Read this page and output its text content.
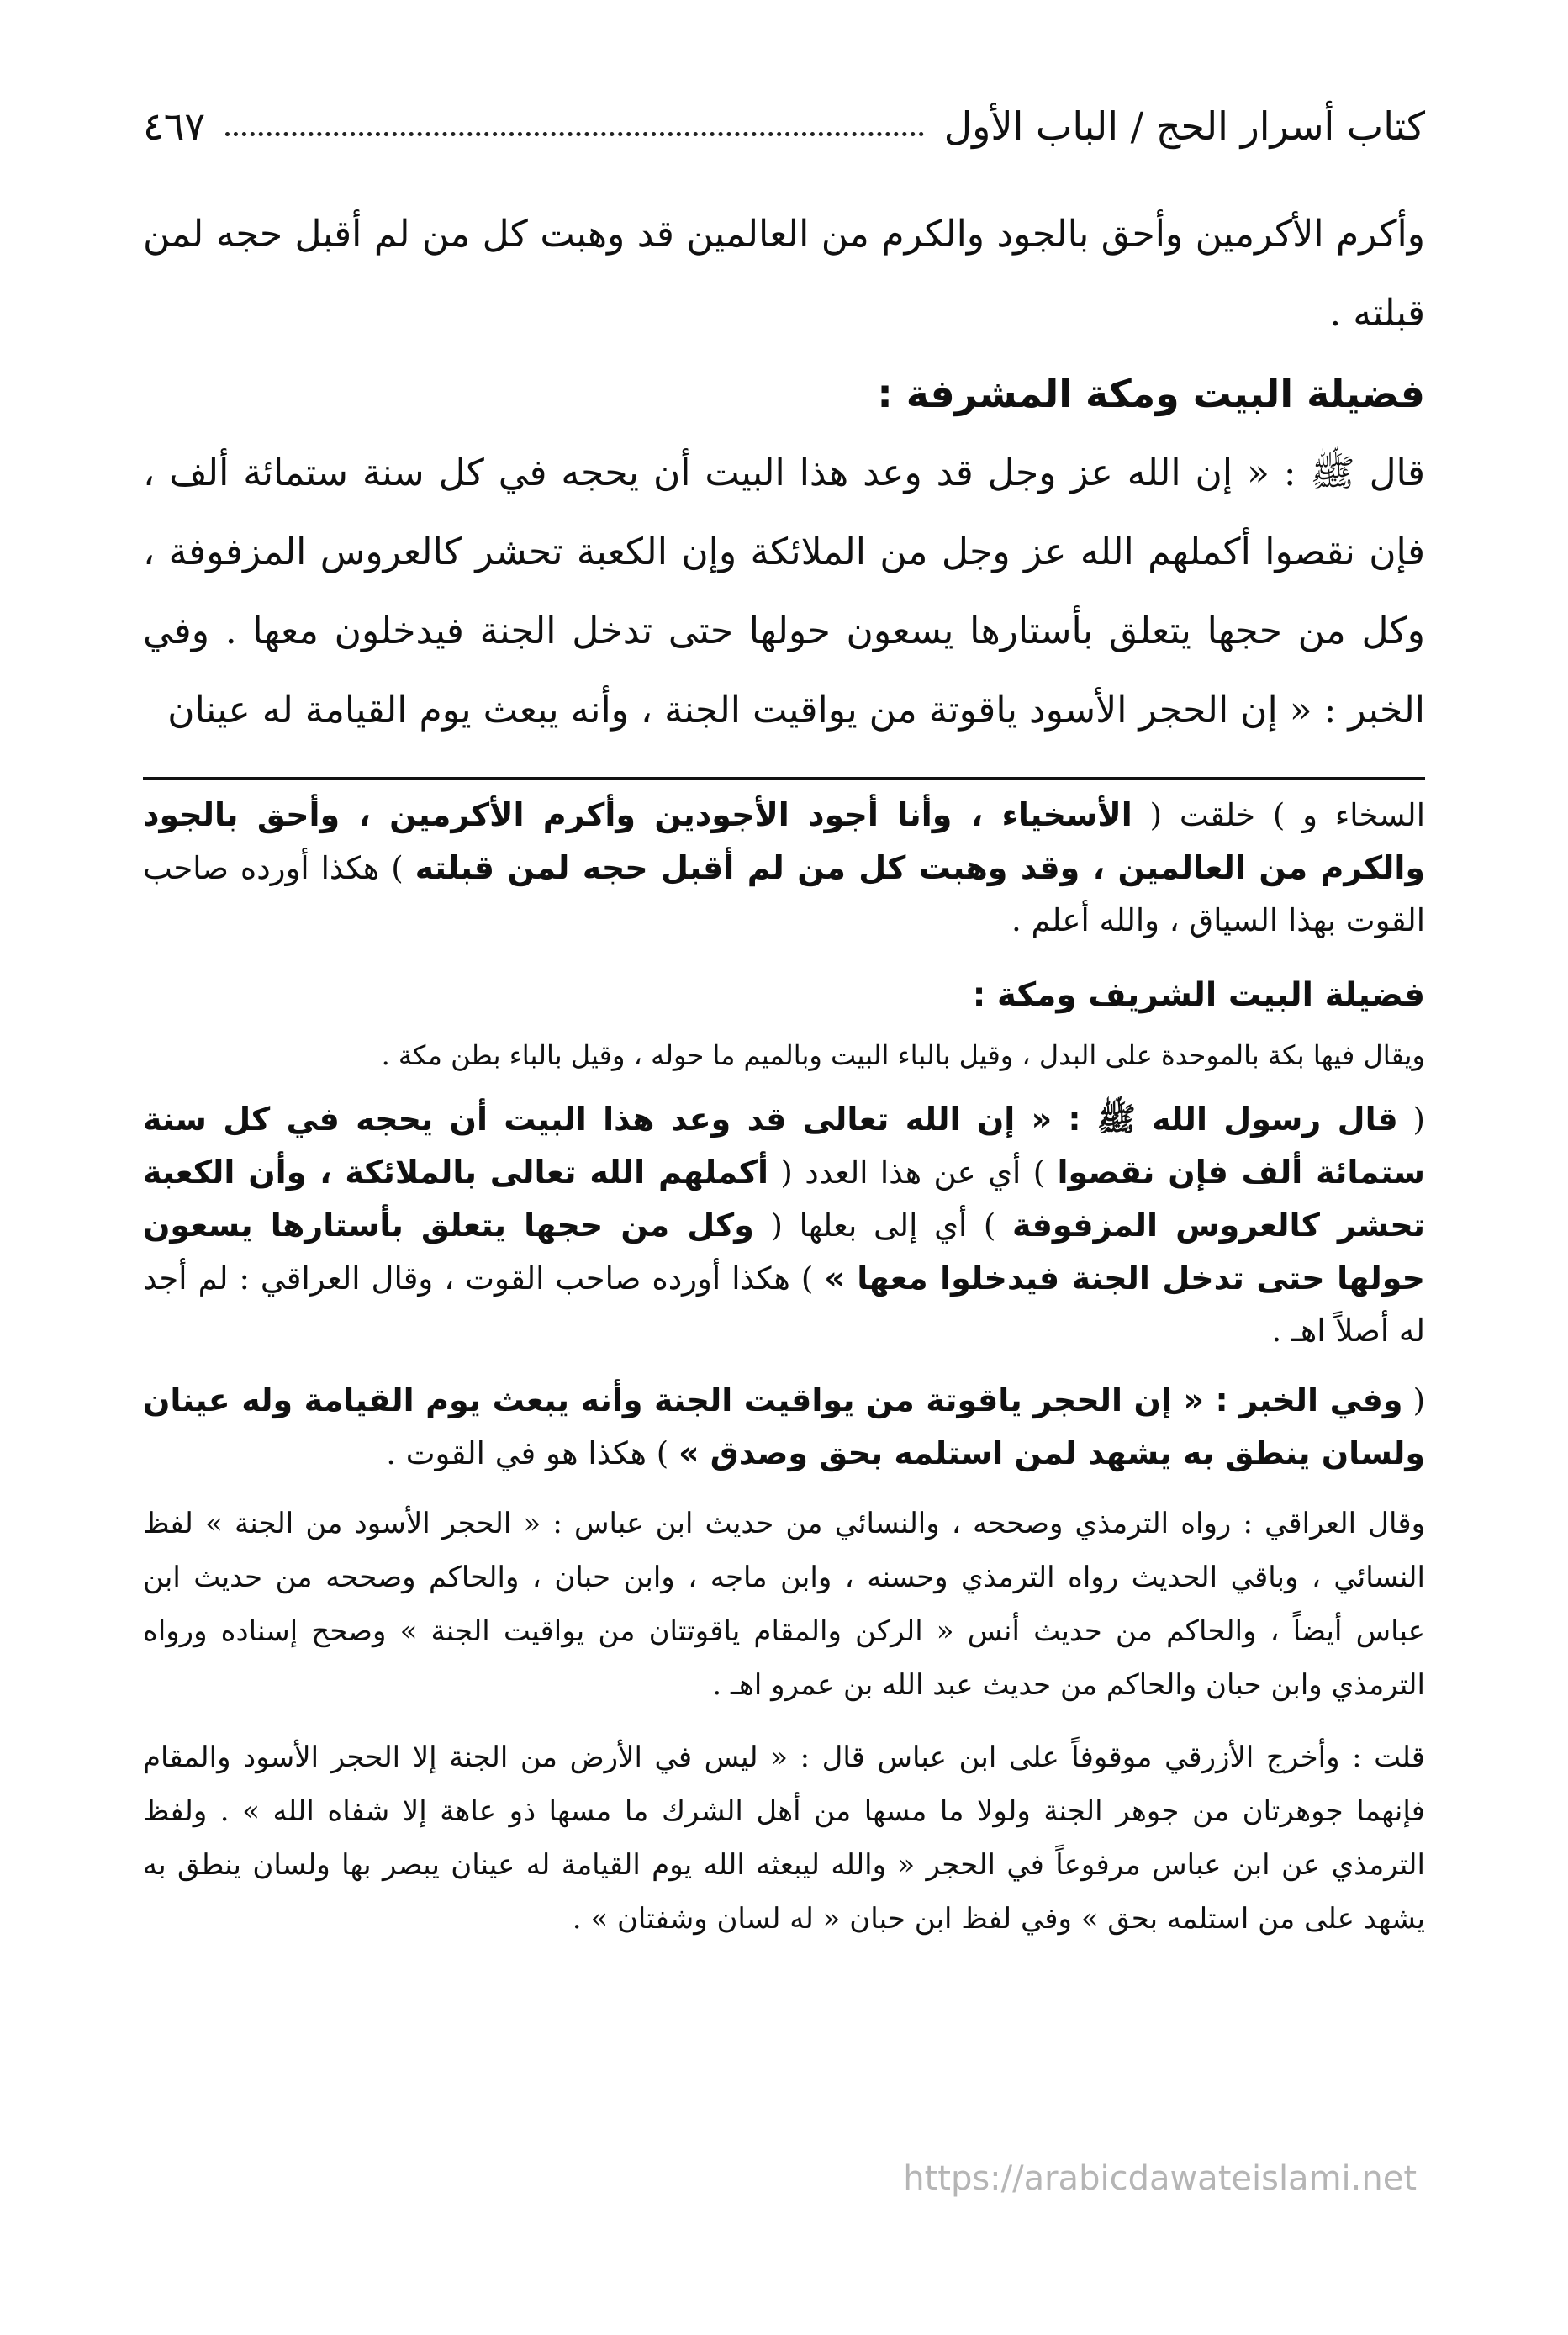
كتاب أسرار الحج / الباب الأول
٤٦٧

وأكرم الأكرمين وأحق بالجود والكرم من العالمين قد وهبت كل من لم أقبل حجه لمن قبلته .

فضيلة البيت ومكة المشرفة :

قال ﷺ : « إن الله عز وجل قد وعد هذا البيت أن يحجه في كل سنة ستمائة ألف ، فإن نقصوا أكملهم الله عز وجل من الملائكة وإن الكعبة تحشر كالعروس المزفوفة ، وكل من حجها يتعلق بأستارها يسعون حولها حتى تدخل الجنة فيدخلون معها . وفي الخبر : « إن الحجر الأسود ياقوتة من يواقيت الجنة ، وأنه يبعث يوم القيامة له عينان

السخاء و ) خلقت ( الأسخياء ، وأنا أجود الأجودين وأكرم الأكرمين ، وأحق بالجود والكرم من العالمين ، وقد وهبت كل من لم أقبل حجه لمن قبلته ) هكذا أورده صاحب القوت بهذا السياق ، والله أعلم .

فضيلة البيت الشريف ومكة :

ويقال فيها بكة بالموحدة على البدل ، وقيل بالباء البيت وبالميم ما حوله ، وقيل بالباء بطن مكة .

( قال رسول الله ﷺ : « إن الله تعالى قد وعد هذا البيت أن يحجه في كل سنة ستمائة ألف فإن نقصوا ) أي عن هذا العدد ( أكملهم الله تعالى بالملائكة ، وأن الكعبة تحشر كالعروس المزفوفة ) أي إلى بعلها ( وكل من حجها يتعلق بأستارها يسعون حولها حتى تدخل الجنة فيدخلوا معها » ) هكذا أورده صاحب القوت ، وقال العراقي : لم أجد له أصلاً اهـ .

( وفي الخبر : « إن الحجر ياقوتة من يواقيت الجنة وأنه يبعث يوم القيامة وله عينان ولسان ينطق به يشهد لمن استلمه بحق وصدق » ) هكذا هو في القوت .

وقال العراقي : رواه الترمذي وصححه ، والنسائي من حديث ابن عباس : « الحجر الأسود من الجنة » لفظ النسائي ، وباقي الحديث رواه الترمذي وحسنه ، وابن ماجه ، وابن حبان ، والحاكم وصححه من حديث ابن عباس أيضاً ، والحاكم من حديث أنس « الركن والمقام ياقوتتان من يواقيت الجنة » وصحح إسناده ورواه الترمذي وابن حبان والحاكم من حديث عبد الله بن عمرو اهـ .

قلت : وأخرج الأزرقي موقوفاً على ابن عباس قال : « ليس في الأرض من الجنة إلا الحجر الأسود والمقام فإنهما جوهرتان من جوهر الجنة ولولا ما مسها من أهل الشرك ما مسها ذو عاهة إلا شفاه الله » . ولفظ الترمذي عن ابن عباس مرفوعاً في الحجر « والله ليبعثه الله يوم القيامة له عينان يبصر بها ولسان ينطق به يشهد على من استلمه بحق » وفي لفظ ابن حبان « له لسان وشفتان » .

https://arabicdawateislami.net
